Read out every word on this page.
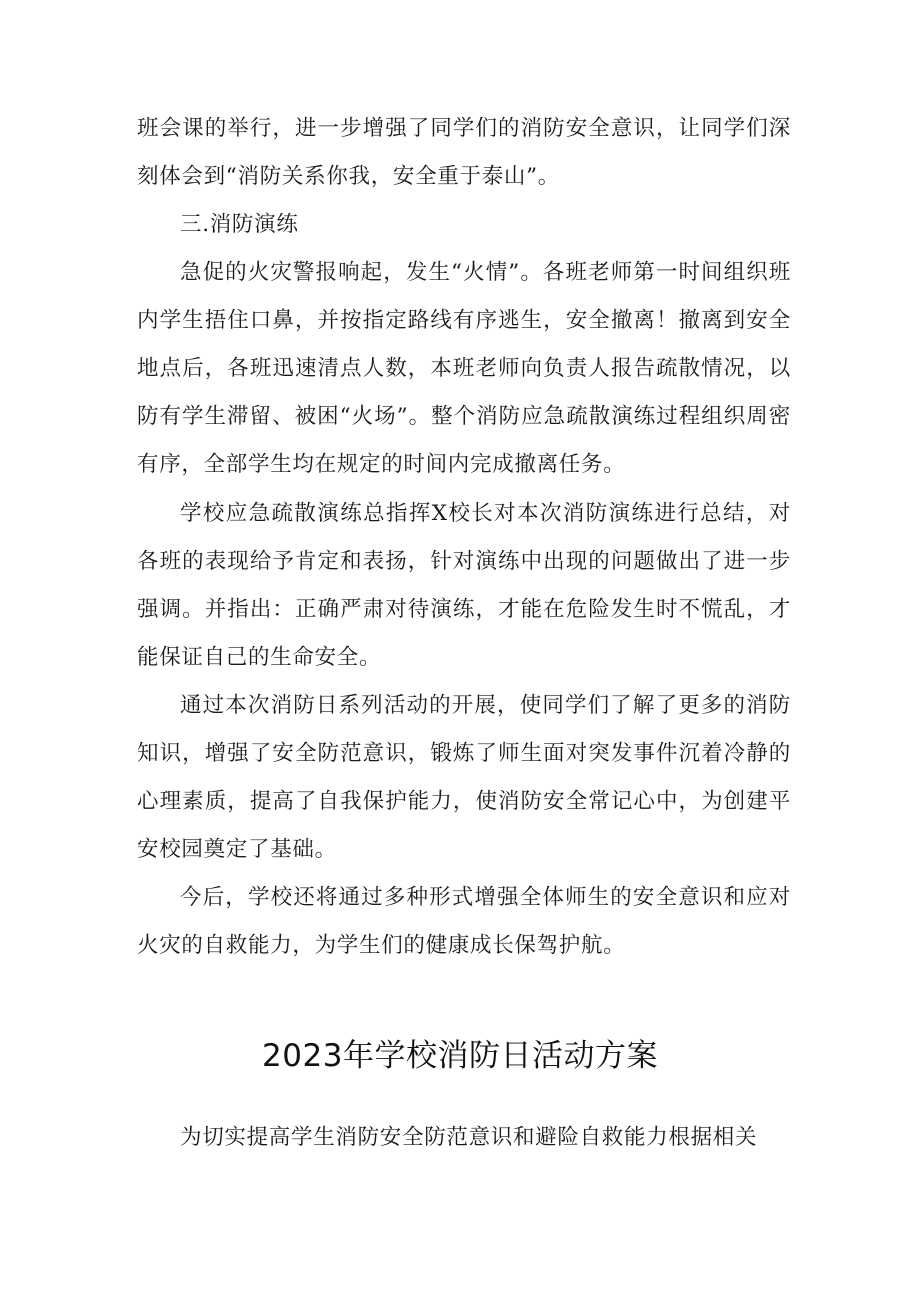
班会课的举行，进一步增强了同学们的消防安全意识，让同学们深刻体会到“消防关系你我，安全重于泰山”。

三.消防演练

急促的火灾警报响起，发生“火情”。各班老师第一时间组织班内学生捂住口鼻，并按指定路线有序逃生，安全撤离！撤离到安全地点后，各班迅速清点人数，本班老师向负责人报告疏散情况，以防有学生滞留、被困“火场”。整个消防应急疏散演练过程组织周密有序，全部学生均在规定的时间内完成撤离任务。

学校应急疏散演练总指挥X校长对本次消防演练进行总结，对各班的表现给予肯定和表扬，针对演练中出现的问题做出了进一步强调。并指出：正确严肃对待演练，才能在危险发生时不慌乱，才能保证自己的生命安全。

通过本次消防日系列活动的开展，使同学们了解了更多的消防知识，增强了安全防范意识，锻炼了师生面对突发事件沉着冷静的心理素质，提高了自我保护能力，使消防安全常记心中，为创建平安校园奠定了基础。

今后，学校还将通过多种形式增强全体师生的安全意识和应对火灾的自救能力，为学生们的健康成长保驾护航。

2023年学校消防日活动方案

为切实提高学生消防安全防范意识和避险自救能力根据相关
